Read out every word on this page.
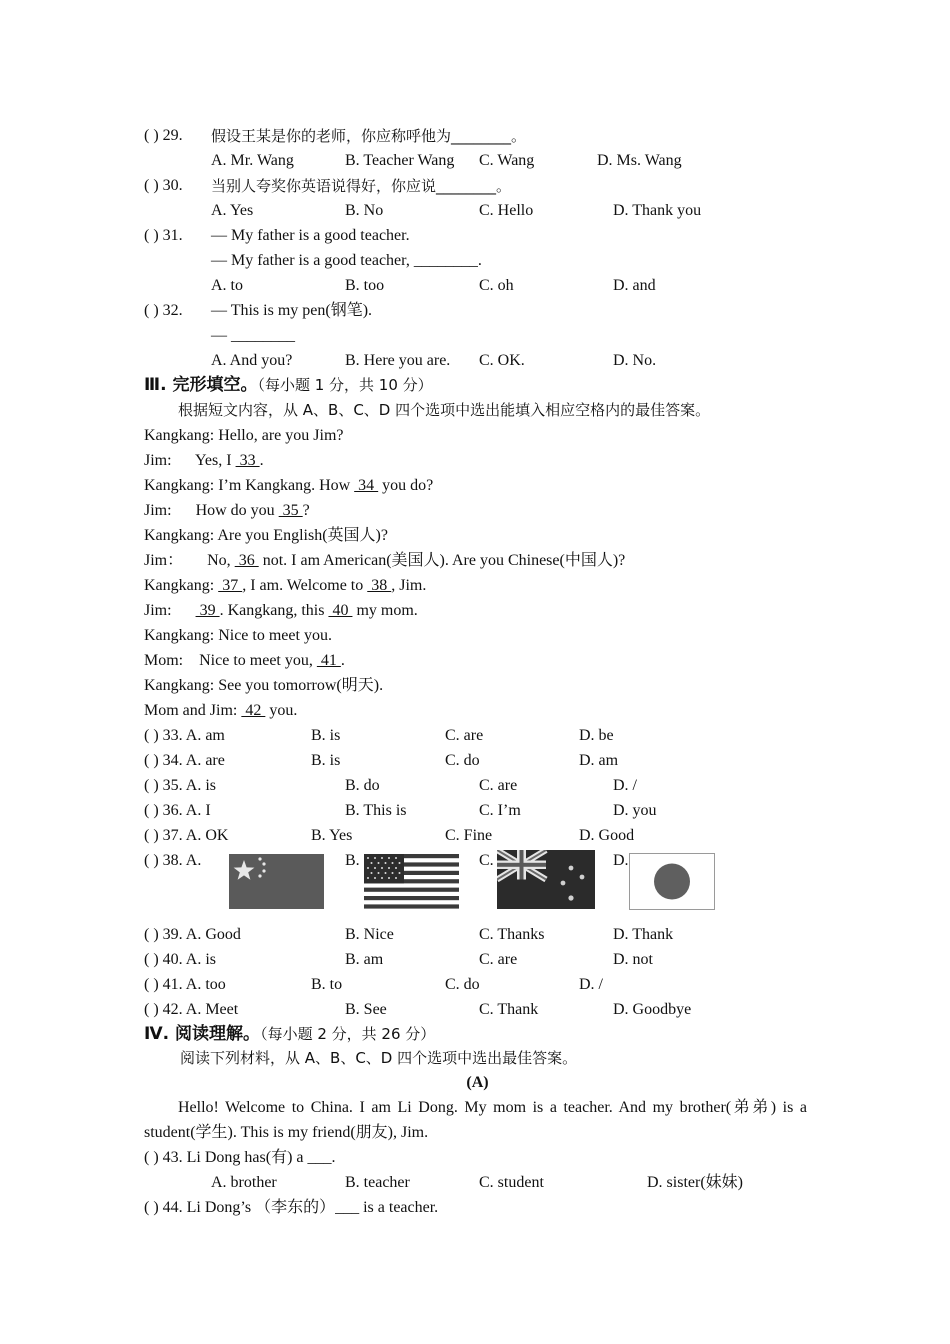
( ) 29. 假设王某是你的老师，你应称呼他为________。
A. Mr. Wang	B. Teacher Wang C. Wang	D. Ms. Wang
( ) 30. 当别人夸奖你英语说得好，你应说________。
A. Yes	B. No	C. Hello	D. Thank you
( ) 31. — My father is a good teacher.
— My father is a good teacher, ________.
A. to	B. too	C. oh	D. and
( ) 32. — This is my pen(钢笔).
— ________
A. And you?	B. Here you are. C. OK.	D. No.
Ⅲ. 完形填空。（每小题 1 分，共 10 分）
根据短文内容，从 A、B、C、D 四个选项中选出能填入相应空格内的最佳答案。
Kangkang: Hello, are you Jim?
Jim:      Yes, I  33 .
Kangkang: I’m Kangkang. How  34  you do?
Jim:      How do you  35 ?
Kangkang: Are you English(英国人)?
Jim：      No,  36  not. I am American(美国人). Are you Chinese(中国人)?
Kangkang:  37 , I am. Welcome to  38 , Jim.
Jim:       39 . Kangkang, this  40  my mom.
Kangkang: Nice to meet you.
Mom:    Nice to meet you,  41 .
Kangkang: See you tomorrow(明天).
Mom and Jim:  42  you.
( ) 33. A. am	B. is	C. are	D. be
( ) 34. A. are	B. is	C. do	D. am
( ) 35. A. is	B. do	C. are	D. /
( ) 36. A. I	B. This is	C. I’m	D. you
( ) 37. A. OK	B. Yes	C. Fine	D. Good
( ) 38. A.	B.	C.	D.
( ) 39. A. Good	B. Nice	C. Thanks	D. Thank
( ) 40. A. is	B. am	C. are	D. not
( ) 41. A. too	B. to	C. do	D. /
( ) 42. A. Meet	B. See	C. Thank	D. Goodbye
Ⅳ. 阅读理解。（每小题 2 分，共 26 分）
阅读下列材料，从 A、B、C、D 四个选项中选出最佳答案。
(A)
Hello! Welcome to China. I am Li Dong. My mom is a teacher. And my brother(弟弟) is a
student(学生). This is my friend(朋友), Jim.
( ) 43. Li Dong has(有) a ___.
A. brother	B. teacher	C. student	D. sister(妹妹)
( ) 44. Li Dong’s （李东的）___ is a teacher.
